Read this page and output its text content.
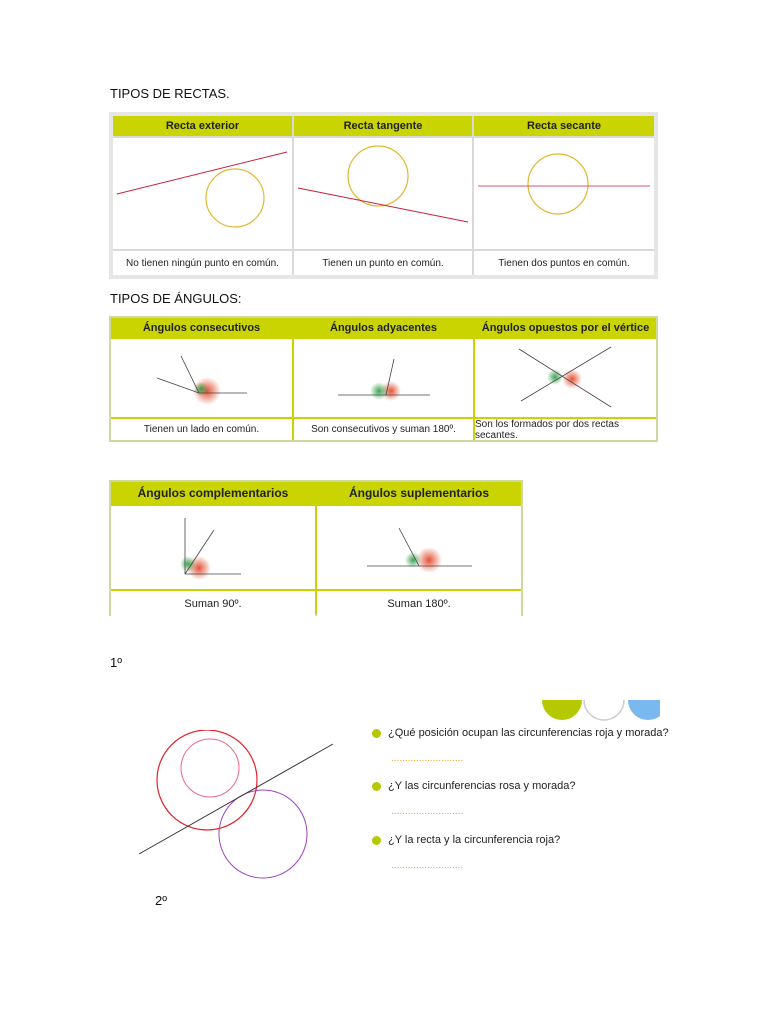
TIPOS DE RECTAS.
Recta exterior	Recta tangente	Recta secante
No tienen ningún punto en común.	Tienen un punto en común.	Tienen dos puntos en común.
TIPOS DE ÁNGULOS:
Ángulos consecutivos	Ángulos adyacentes	Ángulos opuestos por el vértice
Tienen un lado en común.	Son consecutivos y suman 180º.	Son los formados por dos rectas secantes.
Ángulos complementarios	Ángulos suplementarios
Suman 90º.	Suman 180º.
1º
¿Qué posición ocupan las circunferencias roja y morada?
..........................
¿Y las circunferencias rosa y morada?
..........................
¿Y la recta y la circunferencia roja?
..........................
2º
